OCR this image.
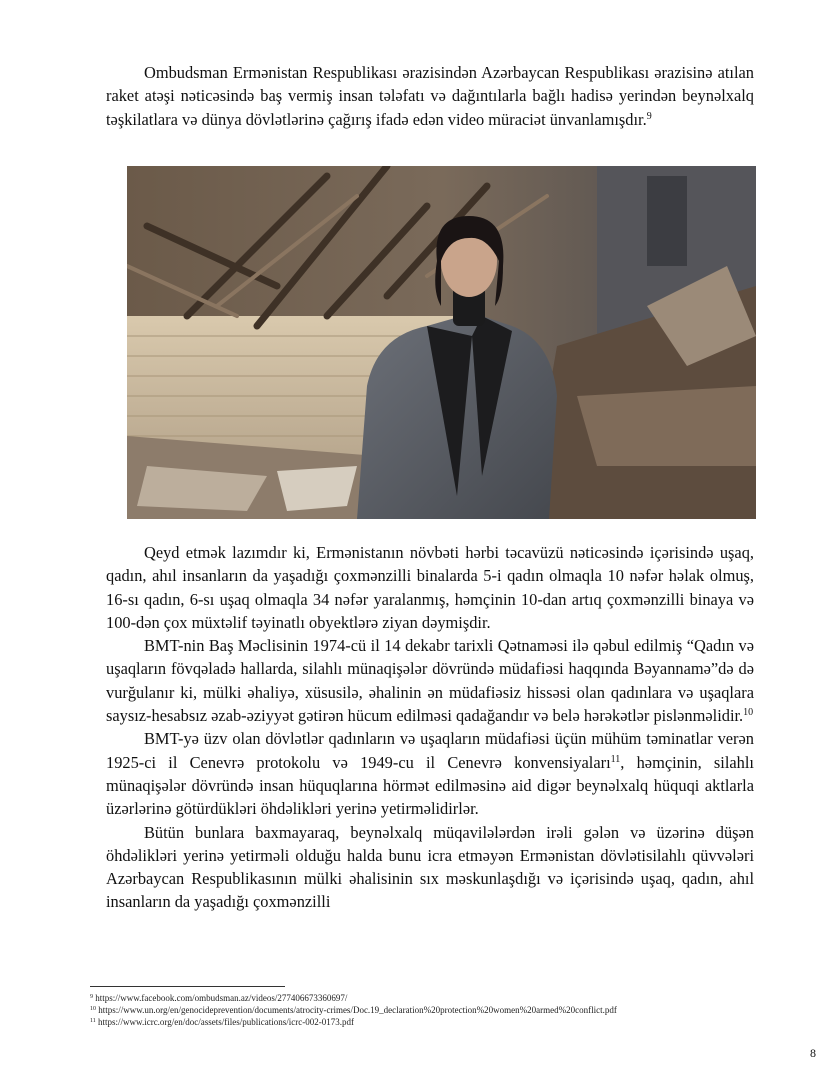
Ombudsman Ermənistan Respublikası ərazisindən Azərbaycan Respublikası ərazisinə atılan raket atəşi nəticəsində baş vermiş insan tələfatı və dağıntılarla bağlı hadisə yerindən beynəlxalq təşkilatlara və dünya dövlətlərinə çağırış ifadə edən video müraciət ünvanlamışdır.$^9$

Qeyd etmək lazımdır ki, Ermənistanın növbəti hərbi təcavüzü nəticəsində içərisində uşaq, qadın, ahıl insanların da yaşadığı çoxmənzilli binalarda 5-i qadın olmaqla 10 nəfər həlak olmuş, 16-sı qadın, 6-sı uşaq olmaqla 34 nəfər yaralanmış, həmçinin 10-dan artıq çoxmənzilli binaya və 100-dən çox müxtəlif təyinatlı obyektlərə ziyan dəymişdir.

BMT-nin Baş Məclisinin 1974-cü il 14 dekabr tarixli Qətnaməsi ilə qəbul edilmiş “Qadın və uşaqların fövqəladə hallarda, silahlı münaqişələr dövründə müdafiəsi haqqında Bəyannamə”də də vurğulanır ki, mülki əhaliyə, xüsusilə, əhalinin ən müdafiəsiz hissəsi olan qadınlara və uşaqlara saysız-hesabsız əzab-əziyyət gətirən hücum edilməsi qadağandır və belə hərəkətlər pislənməlidir.$^{10}$

BMT-yə üzv olan dövlətlər qadınların və uşaqların müdafiəsi üçün mühüm təminatlar verən 1925-ci il Cenevrə protokolu və 1949-cu il Cenevrə konvensiyaları$^{11}$, həmçinin, silahlı münaqişələr dövründə insan hüquqlarına hörmət edilməsinə aid digər beynəlxalq hüquqi aktlarla üzərlərinə götürdükləri öhdəlikləri yerinə yetirməlidirlər.

Bütün bunlara baxmayaraq, beynəlxalq müqavilələrdən irəli gələn və üzərinə düşən öhdəlikləri yerinə yetirməli olduğu halda bunu icra etməyən Ermənistan dövlətisilahlı qüvvələri Azərbaycan Respublikasının mülki əhalisinin sıx məskunlaşdığı və içərisində uşaq, qadın, ahıl insanların da yaşadığı çoxmənzilli

$^9$ https://www.facebook.com/ombudsman.az/videos/277406673360697/
$^{10}$ https://www.un.org/en/genocideprevention/documents/atrocity-crimes/Doc.19_declaration%20protection%20women%20armed%20conflict.pdf
$^{11}$ https://www.icrc.org/en/doc/assets/files/publications/icrc-002-0173.pdf
8
